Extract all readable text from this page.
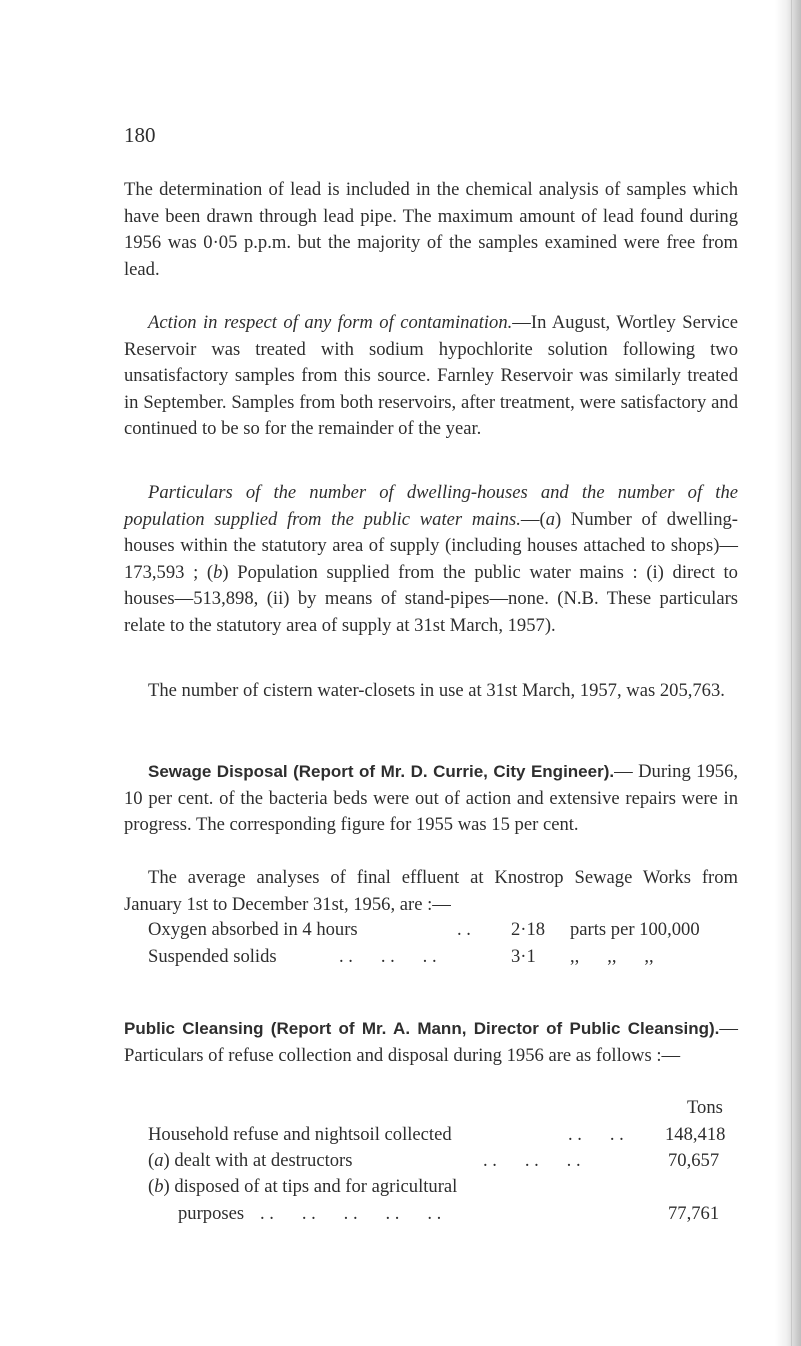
180

The determination of lead is included in the chemical analysis of samples which have been drawn through lead pipe. The maximum amount of lead found during 1956 was 0·05 p.p.m. but the majority of the samples examined were free from lead.

Action in respect of any form of contamination.—In August, Wortley Service Reservoir was treated with sodium hypochlorite solution following two unsatisfactory samples from this source. Farnley Reservoir was similarly treated in September. Samples from both reservoirs, after treatment, were satisfactory and continued to be so for the remainder of the year.

Particulars of the number of dwelling-houses and the number of the population supplied from the public water mains.—(a) Number of dwelling-houses within the statutory area of supply (including houses attached to shops)—173,593 ; (b) Population supplied from the public water mains : (i) direct to houses—513,898, (ii) by means of stand-pipes—none. (N.B. These particulars relate to the statutory area of supply at 31st March, 1957).

The number of cistern water-closets in use at 31st March, 1957, was 205,763.

Sewage Disposal (Report of Mr. D. Currie, City Engineer).— During 1956, 10 per cent. of the bacteria beds were out of action and extensive repairs were in progress. The corresponding figure for 1955 was 15 per cent.

The average analyses of final effluent at Knostrop Sewage Works from January 1st to December 31st, 1956, are :—

Oxygen absorbed in 4 hours	. . 2·18 parts per 100,000
Suspended solids	. .      . .      . .	3·1 ,,      ,,      ,,

Public Cleansing (Report of Mr. A. Mann, Director of Public Cleansing).—Particulars of refuse collection and disposal during 1956 are as follows :—

Tons
Household refuse and nightsoil collected	. .      . . 148,418
(a) dealt with at destructors	. .      . .      . .	70,657
(b) disposed of at tips and for agricultural
purposes . .      . .      . .      . .      . .	77,761
